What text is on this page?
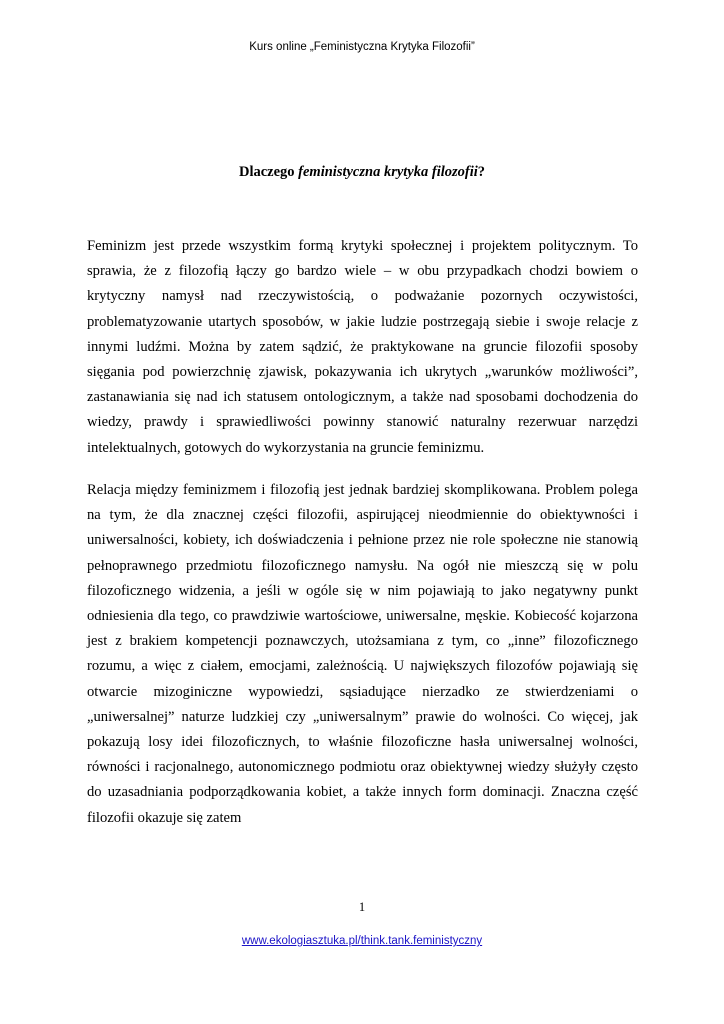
Kurs online „Feministyczna Krytyka Filozofii”
Dlaczego feministyczna krytyka filozofii?

Feminizm jest przede wszystkim formą krytyki społecznej i projektem politycznym. To sprawia, że z filozofią łączy go bardzo wiele – w obu przypadkach chodzi bowiem o krytyczny namysł nad rzeczywistością, o podważanie pozornych oczywistości, problematyzowanie utartych sposobów, w jakie ludzie postrzegają siebie i swoje relacje z innymi ludźmi. Można by zatem sądzić, że praktykowane na gruncie filozofii sposoby sięgania pod powierzchnię zjawisk, pokazywania ich ukrytych „warunków możliwości”, zastanawiania się nad ich statusem ontologicznym, a także nad sposobami dochodzenia do wiedzy, prawdy i sprawiedliwości powinny stanowić naturalny rezerwuar narzędzi intelektualnych, gotowych do wykorzystania na gruncie feminizmu.

Relacja między feminizmem i filozofią jest jednak bardziej skomplikowana. Problem polega na tym, że dla znacznej części filozofii, aspirującej nieodmiennie do obiektywności i uniwersalności, kobiety, ich doświadczenia i pełnione przez nie role społeczne nie stanowią pełnoprawnego przedmiotu filozoficznego namysłu. Na ogół nie mieszczą się w polu filozoficznego widzenia, a jeśli w ogóle się w nim pojawiają to jako negatywny punkt odniesienia dla tego, co prawdziwie wartościowe, uniwersalne, męskie. Kobiecość kojarzona jest z brakiem kompetencji poznawczych, utożsamiana z tym, co „inne” filozoficznego rozumu, a więc z ciałem, emocjami, zależnością. U największych filozofów pojawiają się otwarcie mizoginiczne wypowiedzi, sąsiadujące nierzadko ze stwierdzeniami o „uniwersalnej” naturze ludzkiej czy „uniwersalnym” prawie do wolności. Co więcej, jak pokazują losy idei filozoficznych, to właśnie filozoficzne hasła uniwersalnej wolności, równości i racjonalnego, autonomicznego podmiotu oraz obiektywnej wiedzy służyły często do uzasadniania podporządkowania kobiet, a także innych form dominacji. Znaczna część filozofii okazuje się zatem

1
www.ekologiasztuka.pl/think.tank.feministyczny
